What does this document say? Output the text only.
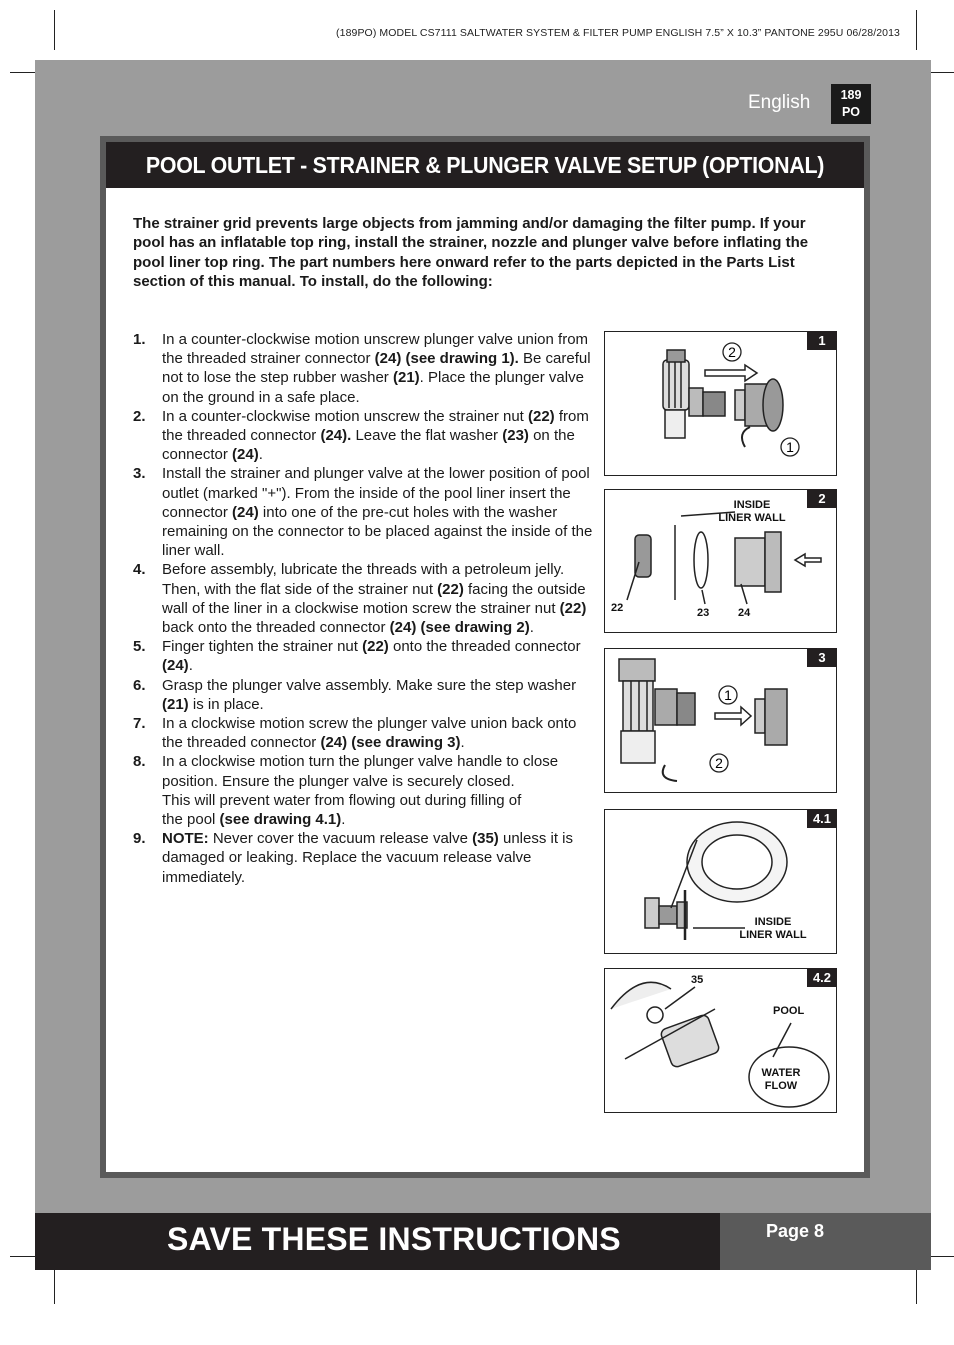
(189PO) MODEL CS7111 SALTWATER SYSTEM & FILTER PUMP ENGLISH 7.5” X 10.3” PANTONE 295U 06/28/2013
English	189
PO
POOL OUTLET - STRAINER & PLUNGER VALVE SETUP (OPTIONAL)
The strainer grid prevents large objects from jamming and/or damaging the filter pump. If your pool has an inflatable top ring, install the strainer, nozzle and plunger valve before inflating the pool liner top ring. The part numbers here onward refer to the parts depicted in the Parts List section of this manual. To install, do the following:
1. In a counter-clockwise motion unscrew plunger valve union from the threaded strainer connector (24) (see drawing 1). Be careful not to lose the step rubber washer (21). Place the plunger valve on the ground in a safe place.
2. In a counter-clockwise motion unscrew the strainer nut (22) from the threaded connector (24). Leave the flat washer (23) on the connector (24).
3. Install the strainer and plunger valve at the lower position of pool outlet (marked "+"). From the inside of the pool liner insert the connector (24) into one of the pre-cut holes with the washer remaining on the connector to be placed against the inside of the liner wall.
4. Before assembly, lubricate the threads with a petroleum jelly. Then, with the flat side of the strainer nut (22) facing the outside wall of the liner in a clockwise motion screw the strainer nut (22) back onto the threaded connector (24) (see drawing 2).
5. Finger tighten the strainer nut (22) onto the threaded connector (24).
6. Grasp the plunger valve assembly. Make sure the step washer (21) is in place.
7. In a clockwise motion screw the plunger valve union back onto the threaded connector (24) (see drawing 3).
8. In a clockwise motion turn the plunger valve handle to close position. Ensure the plunger valve is securely closed.
This will prevent water from flowing out during filling of
the pool (see drawing 4.1).
9. NOTE: Never cover the vacuum release valve (35) unless it is damaged or leaking. Replace the vacuum release valve immediately.
1
2
1
2
INSIDE
LINER WALL
22	23	24
3
1
2
4.1
INSIDE
LINER WALL
4.2
35
POOL
WATER
FLOW
SAVE THESE INSTRUCTIONS	Page 8
